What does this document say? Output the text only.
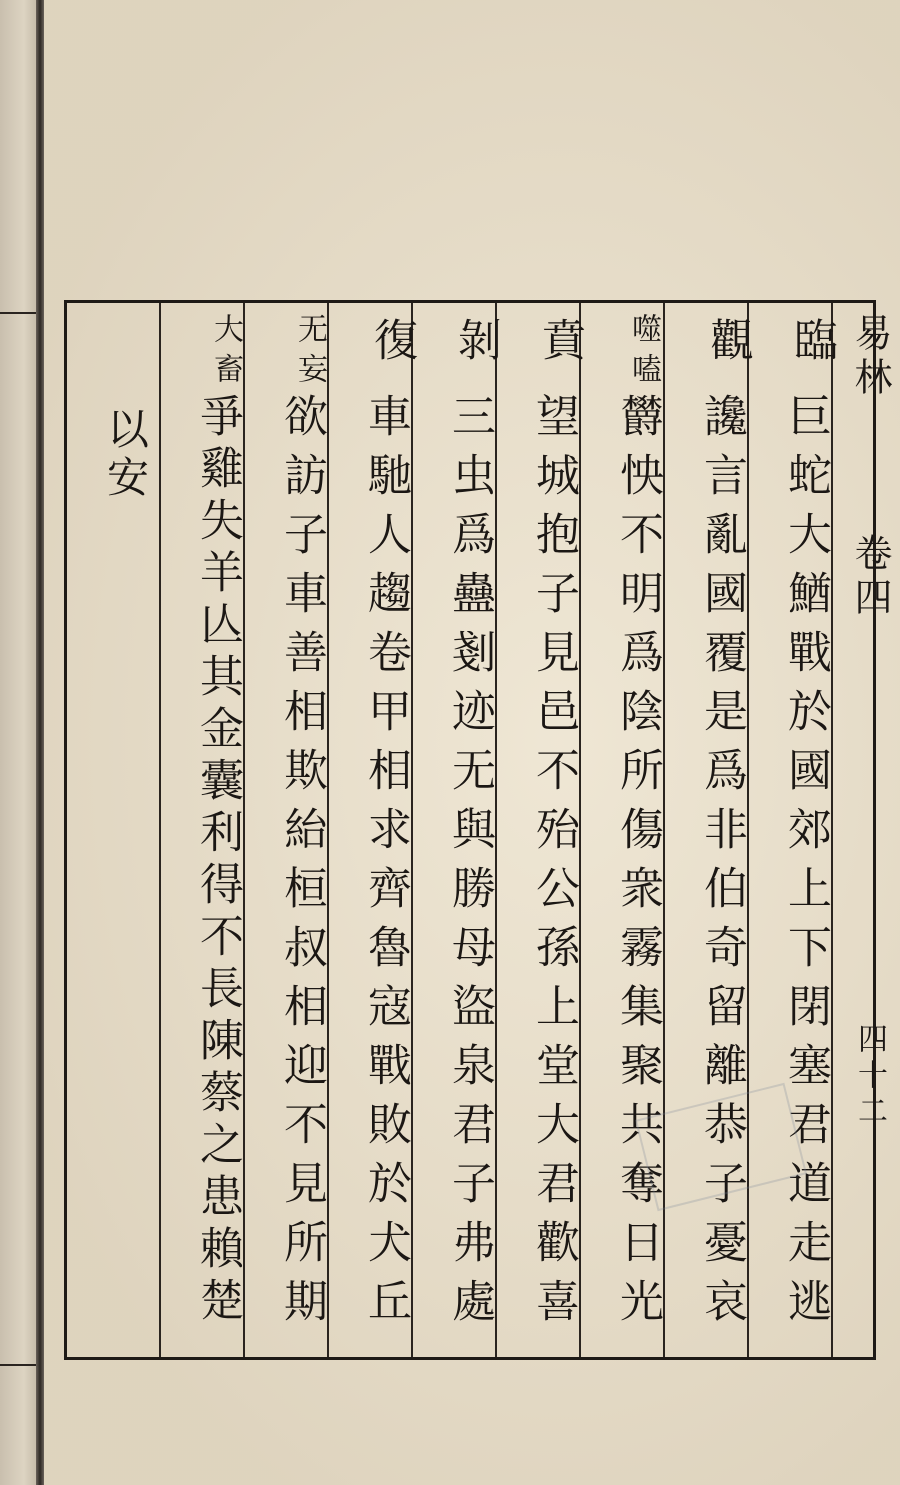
易林
卷四
四十二
臨
巨蛇大鰌戰於國郊上下閉塞君道走逃
觀
讒言亂國覆是爲非伯奇留離恭子憂哀
噬嗑
欝怏不明爲陰所傷衆霧集聚共奪日光
賁
望城抱子見邑不殆公孫上堂大君歡喜
剝
三虫爲蠱剗迹无與勝母盜泉君子弗處
復
車馳人趨卷甲相求齊魯寇戰敗於犬丘
无妄
欲訪子車善相欺紿桓叔相迎不見所期
大畜
爭雞失羊亾其金囊利得不長陳蔡之患賴楚
以安
